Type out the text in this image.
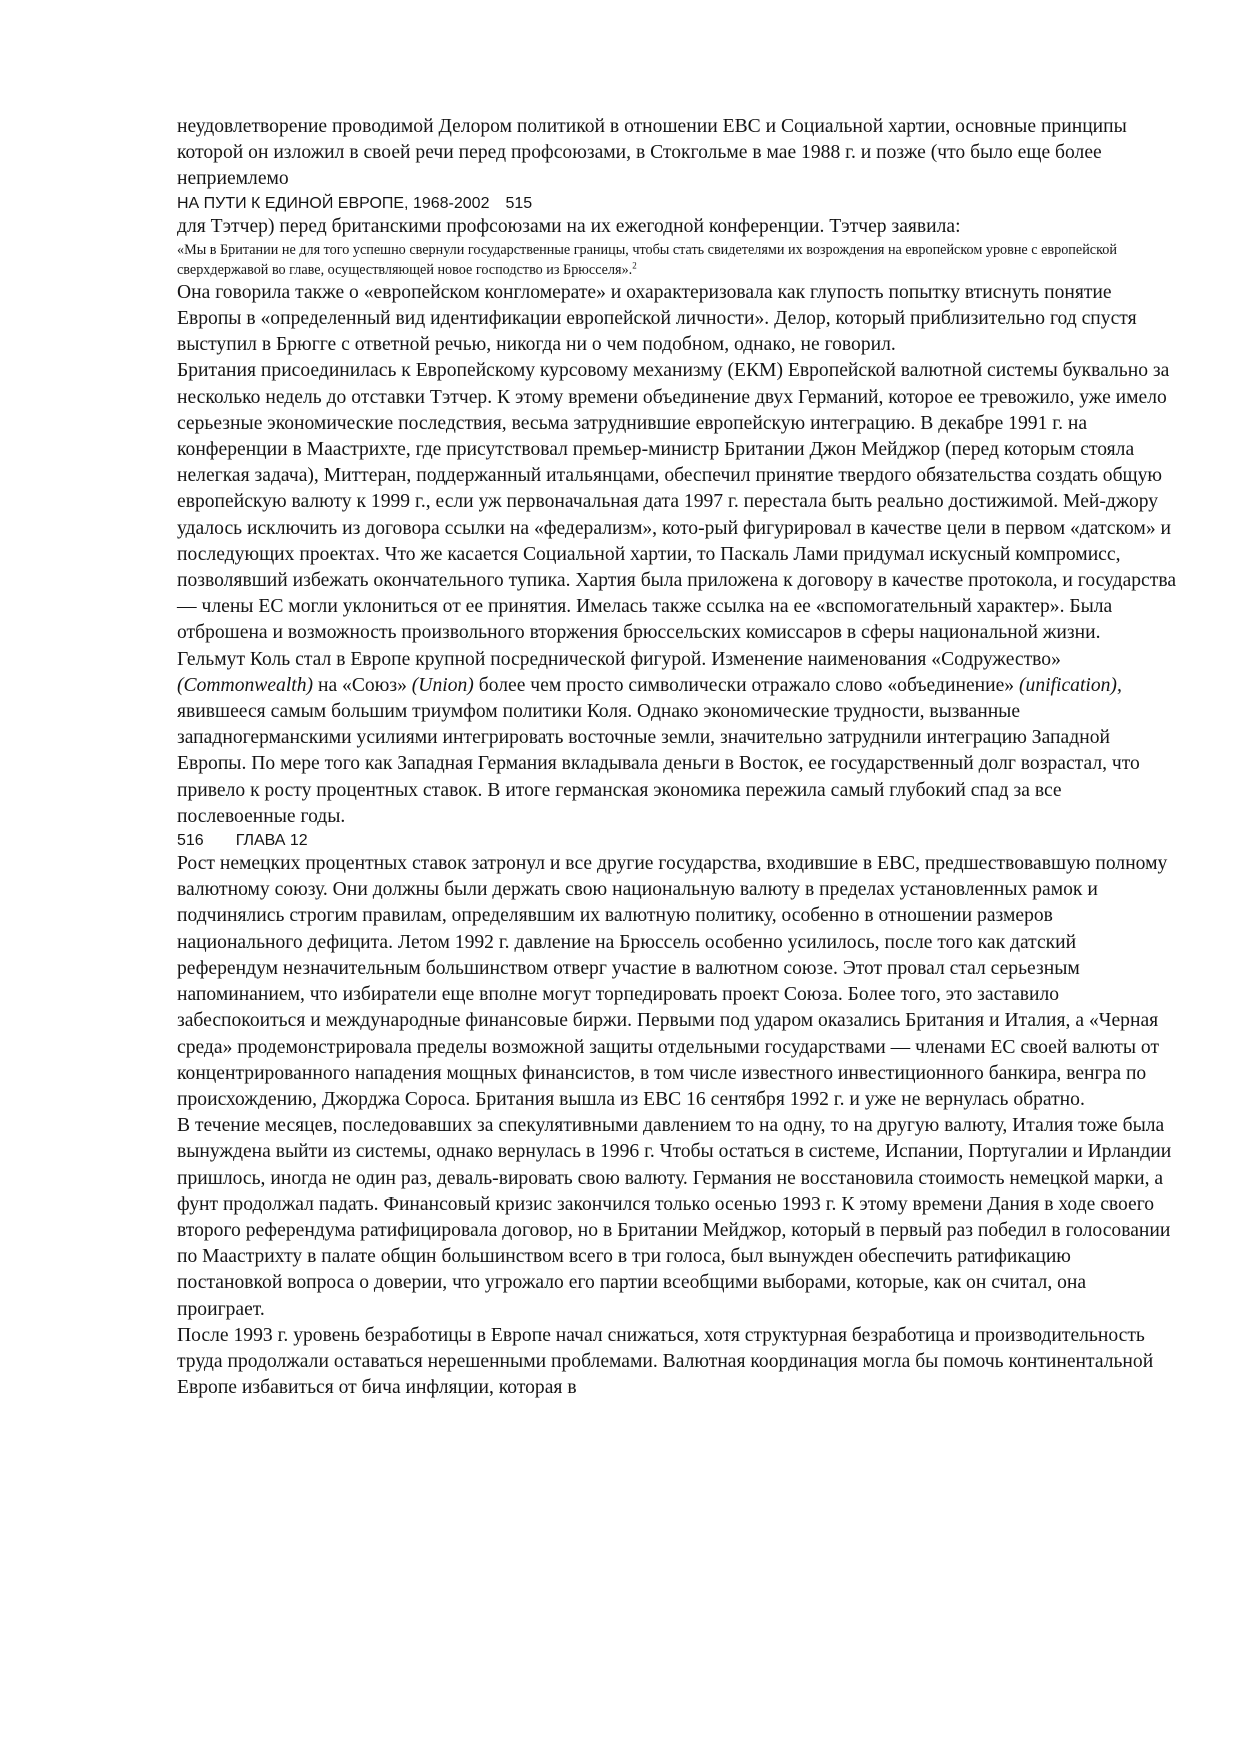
неудовлетворение проводимой Делором политикой в отношении ЕВС и Социальной хартии, основные принципы которой он изложил в своей речи перед профсоюзами, в Стокгольме в мае 1988 г. и позже (что было еще более неприемлемо

НА ПУТИ К ЕДИНОЙ ЕВРОПЕ, 1968-2002 515

для Тэтчер) перед британскими профсоюзами на их ежегодной конференции. Тэтчер заявила:

«Мы в Британии не для того успешно свернули государственные границы, чтобы стать свидетелями их возрождения на европейском уровне с европейской сверхдержавой во главе, осуществляющей новое господство из Брюсселя».$^2$

Она говорила также о «европейском конгломерате» и охарактеризовала как глупость попытку втиснуть понятие Европы в «определенный вид идентификации европейской личности». Делор, который приблизительно год спустя выступил в Брюгге с ответной речью, никогда ни о чем подобном, однако, не говорил.

Британия присоединилась к Европейскому курсовому механизму (ЕКМ) Европейской валютной системы буквально за несколько недель до отставки Тэтчер. К этому времени объединение двух Германий, которое ее тревожило, уже имело серьезные экономические последствия, весьма затруднившие европейскую интеграцию. В декабре 1991 г. на конференции в Маастрихте, где присутствовал премьер-министр Британии Джон Мейджор (перед которым стояла нелегкая задача), Миттеран, поддержанный итальянцами, обеспечил принятие твердого обязательства создать общую европейскую валюту к 1999 г., если уж первоначальная дата 1997 г. перестала быть реально достижимой. Мей-джору удалось исключить из договора ссылки на «федерализм», кото-рый фигурировал в качестве цели в первом «датском» и последующих проектах. Что же касается Социальной хартии, то Паскаль Лами придумал искусный компромисс, позволявший избежать окончательного тупика. Хартия была приложена к договору в качестве протокола, и государства — члены ЕС могли уклониться от ее принятия. Имелась также ссылка на ее «вспомогательный характер». Была отброшена и возможность произвольного вторжения брюссельских комиссаров в сферы национальной жизни.

Гельмут Коль стал в Европе крупной посреднической фигурой. Изменение наименования «Содружество» (Commonwealth) на «Союз» (Union) более чем просто символически отражало слово «объединение» (unification), явившееся самым большим триумфом политики Коля. Однако экономические трудности, вызванные западногерманскими усилиями интегрировать восточные земли, значительно затруднили интеграцию Западной Европы. По мере того как Западная Германия вкладывала деньги в Восток, ее государственный долг возрастал, что привело к росту процентных ставок. В итоге германская экономика пережила самый глубокий спад за все послевоенные годы.

516 ГЛАВА 12

Рост немецких процентных ставок затронул и все другие государства, входившие в ЕВС, предшествовавшую полному валютному союзу. Они должны были держать свою национальную валюту в пределах установленных рамок и подчинялись строгим правилам, определявшим их валютную политику, особенно в отношении размеров национального дефицита. Летом 1992 г. давление на Брюссель особенно усилилось, после того как датский референдум незначительным большинством отверг участие в валютном союзе. Этот провал стал серьезным напоминанием, что избиратели еще вполне могут торпедировать проект Союза. Более того, это заставило забеспокоиться и международные финансовые биржи. Первыми под ударом оказались Британия и Италия, а «Черная среда» продемонстрировала пределы возможной защиты отдельными государствами — членами ЕС своей валюты от концентрированного нападения мощных финансистов, в том числе известного инвестиционного банкира, венгра по происхождению, Джорджа Сороса. Британия вышла из ЕВС 16 сентября 1992 г. и уже не вернулась обратно.

В течение месяцев, последовавших за спекулятивными давлением то на одну, то на другую валюту, Италия тоже была вынуждена выйти из системы, однако вернулась в 1996 г. Чтобы остаться в системе, Испании, Португалии и Ирландии пришлось, иногда не один раз, деваль-вировать свою валюту. Германия не восстановила стоимость немецкой марки, а фунт продолжал падать. Финансовый кризис закончился только осенью 1993 г. К этому времени Дания в ходе своего второго референдума ратифицировала договор, но в Британии Мейджор, который в первый раз победил в голосовании по Маастрихту в палате общин большинством всего в три голоса, был вынужден обеспечить ратификацию постановкой вопроса о доверии, что угрожало его партии всеобщими выборами, которые, как он считал, она проиграет.

После 1993 г. уровень безработицы в Европе начал снижаться, хотя структурная безработица и производительность труда продолжали оставаться нерешенными проблемами. Валютная координация могла бы помочь континентальной Европе избавиться от бича инфляции, которая в
